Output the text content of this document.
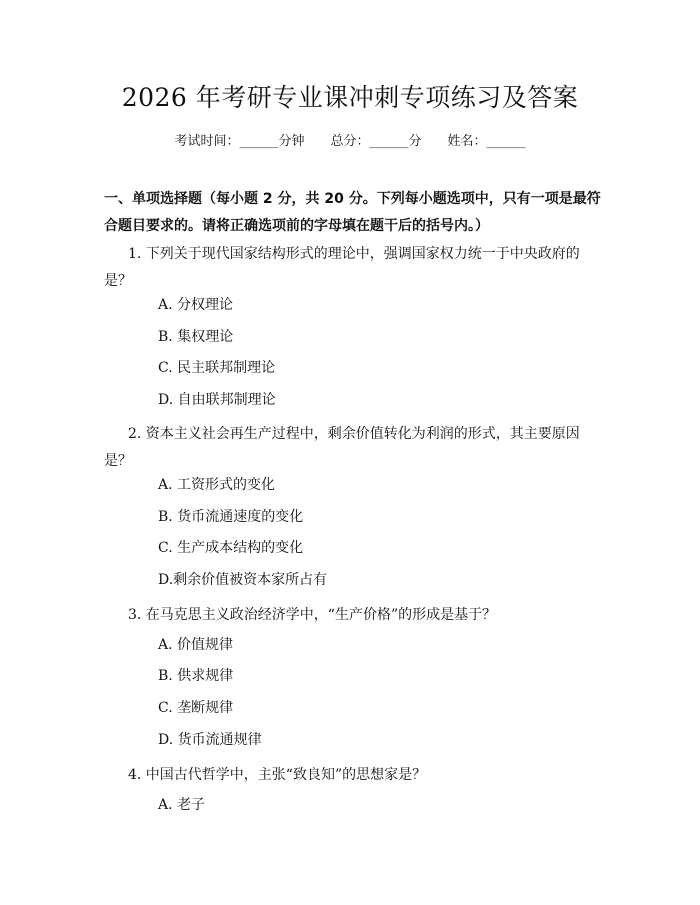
2026 年考研专业课冲刺专项练习及答案
考试时间：______分钟　　总分：______分　　姓名：______
一、单项选择题（每小题 2 分，共 20 分。下列每小题选项中，只有一项是最符合题目要求的。请将正确选项前的字母填在题干后的括号内。）
1. 下列关于现代国家结构形式的理论中，强调国家权力统一于中央政府的是？
A. 分权理论
B. 集权理论
C. 民主联邦制理论
D. 自由联邦制理论
2. 资本主义社会再生产过程中，剩余价值转化为利润的形式，其主要原因是？
A. 工资形式的变化
B. 货币流通速度的变化
C. 生产成本结构的变化
D.剩余价值被资本家所占有
3. 在马克思主义政治经济学中，“生产价格”的形成是基于？
A. 价值规律
B. 供求规律
C. 垄断规律
D. 货币流通规律
4. 中国古代哲学中，主张“致良知”的思想家是？
A. 老子
